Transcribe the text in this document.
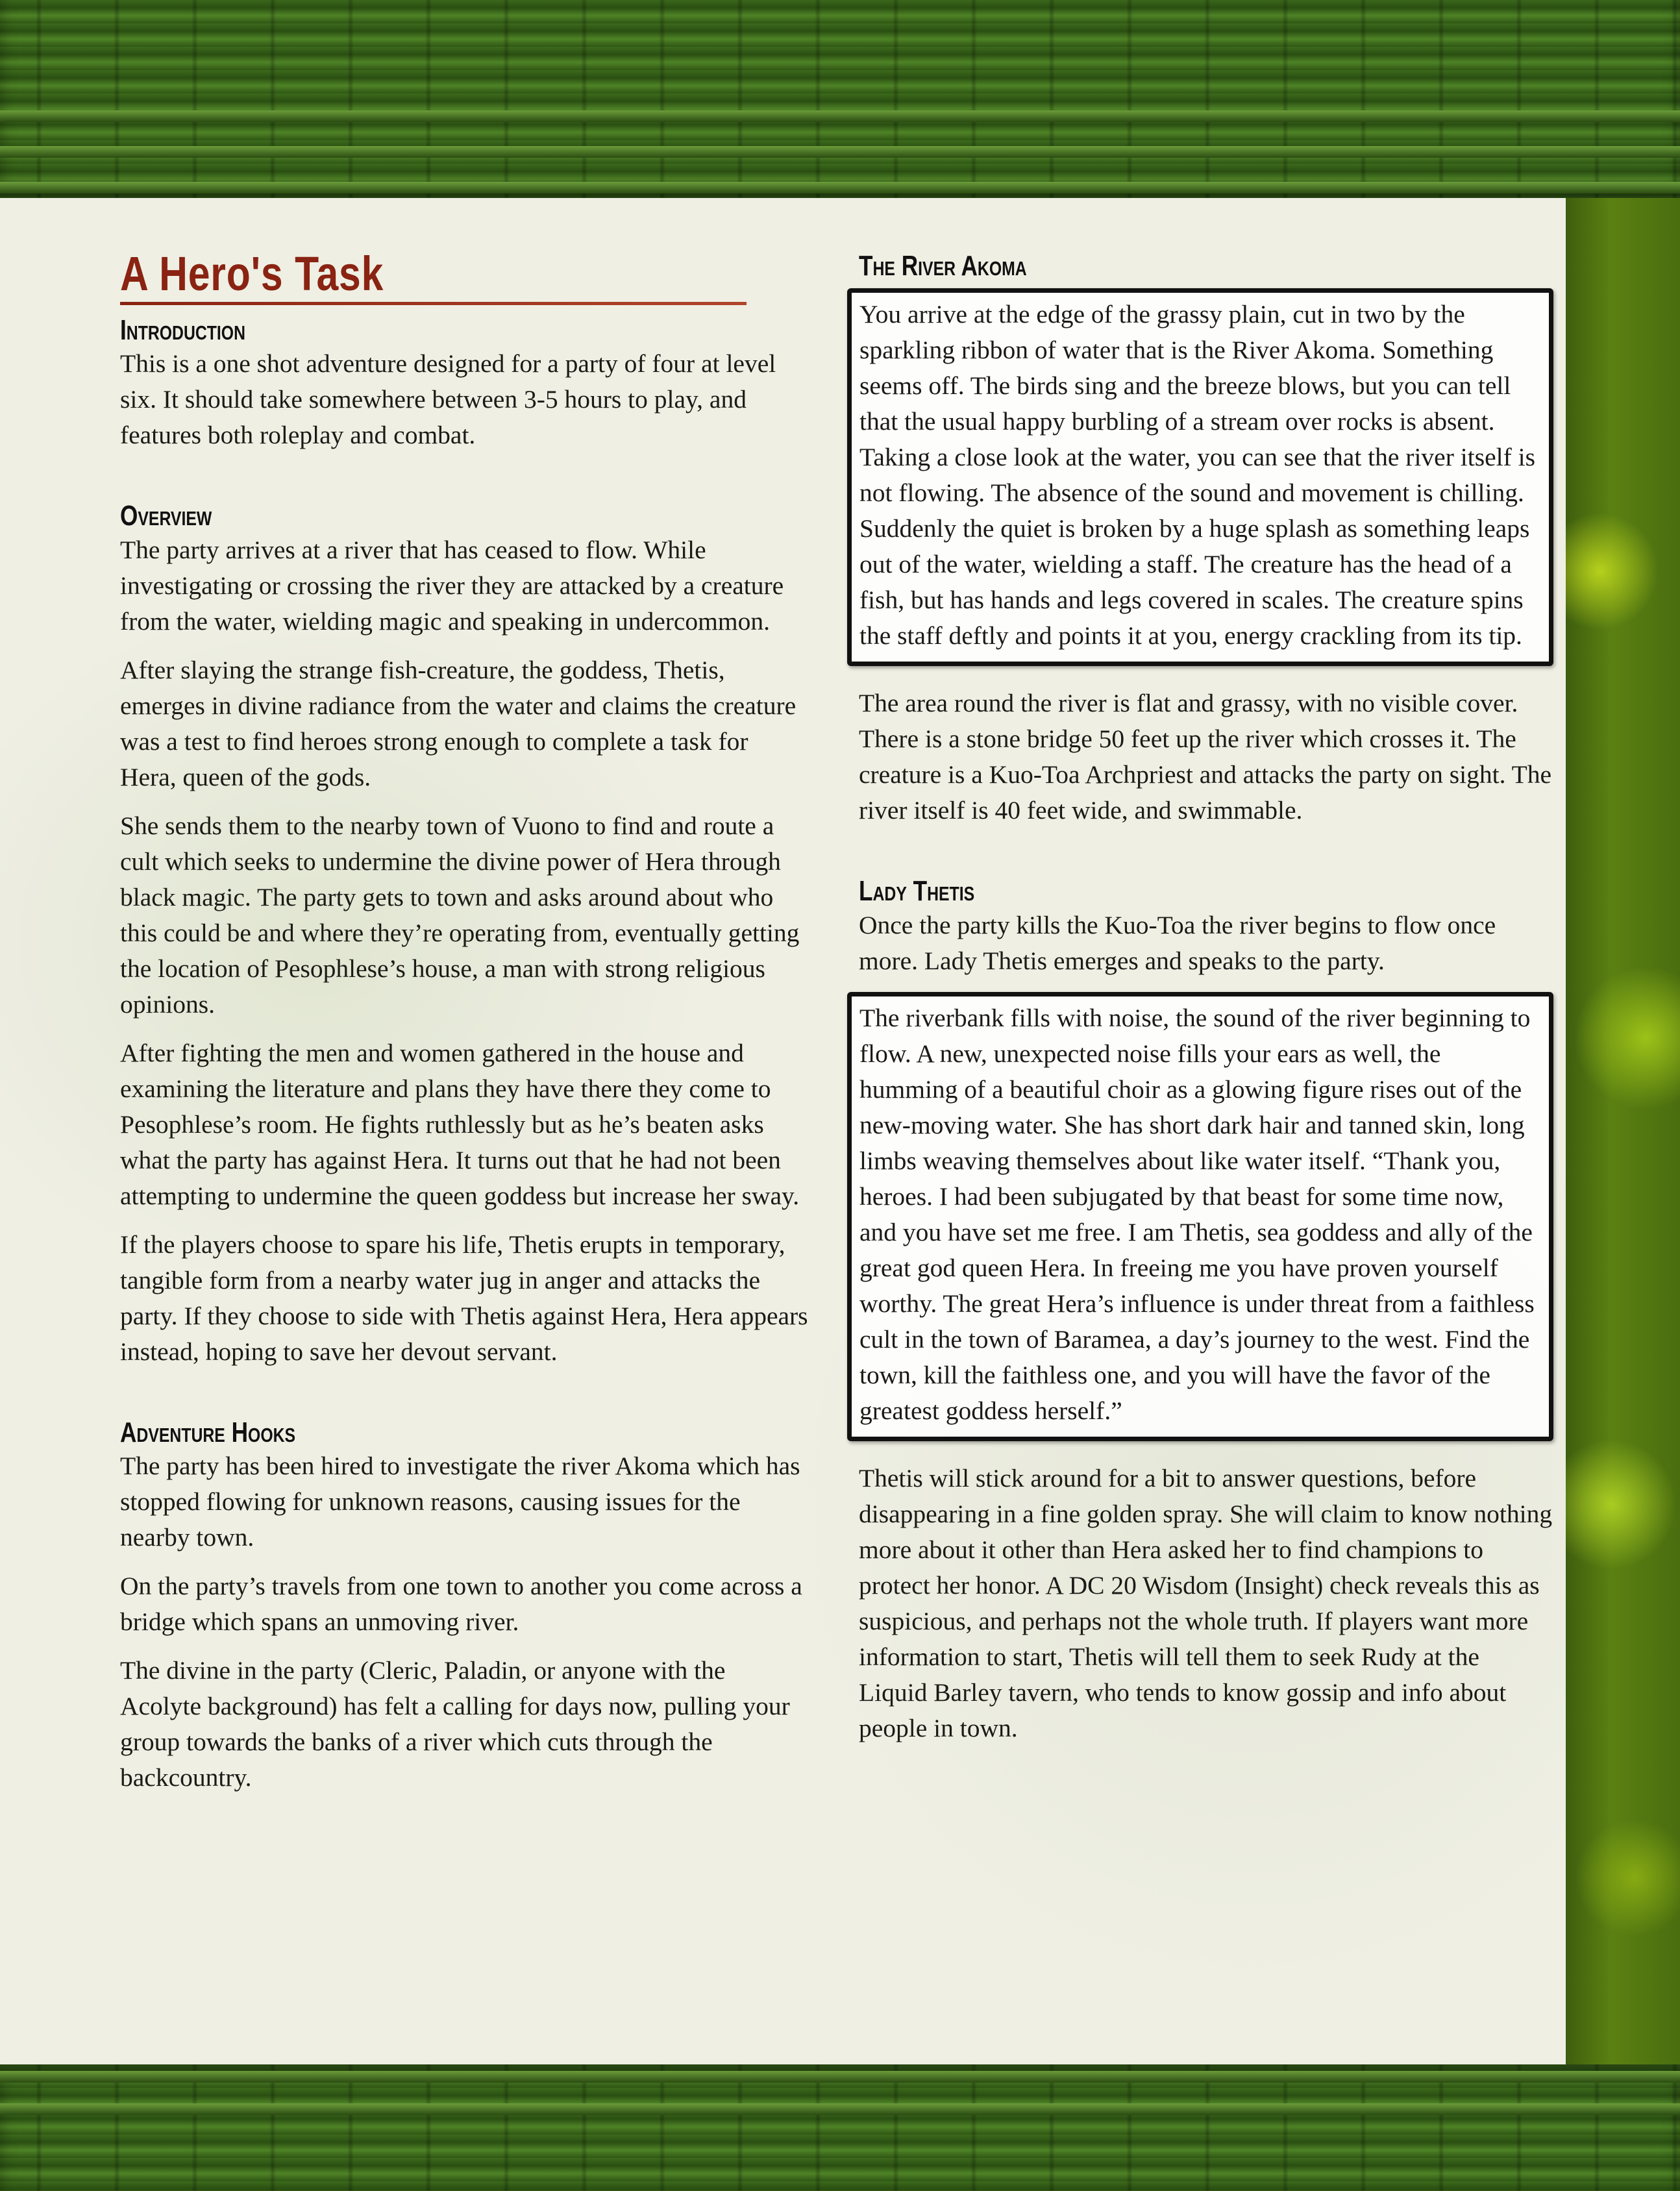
A Hero's Task
Introduction

This is a one shot adventure designed for a party of four at level six. It should take somewhere between 3-5 hours to play, and features both roleplay and combat.

Overview

The party arrives at a river that has ceased to flow. While investigating or crossing the river they are attacked by a creature from the water, wielding magic and speaking in undercommon.

After slaying the strange fish-creature, the goddess, Thetis, emerges in divine radiance from the water and claims the creature was a test to find heroes strong enough to complete a task for Hera, queen of the gods.

She sends them to the nearby town of Vuono to find and route a cult which seeks to undermine the divine power of Hera through black magic. The party gets to town and asks around about who this could be and where they’re operating from, eventually getting the location of Pesophlese’s house, a man with strong religious opinions.

After fighting the men and women gathered in the house and examining the literature and plans they have there they come to Pesophlese’s room. He fights ruthlessly but as he’s beaten asks what the party has against Hera. It turns out that he had not been attempting to undermine the queen goddess but increase her sway.

If the players choose to spare his life, Thetis erupts in temporary, tangible form from a nearby water jug in anger and attacks the party. If they choose to side with Thetis against Hera, Hera appears instead, hoping to save her devout servant.

Adventure Hooks

The party has been hired to investigate the river Akoma which has stopped flowing for unknown reasons, causing issues for the nearby town.

On the party’s travels from one town to another you come across a bridge which spans an unmoving river.

The divine in the party (Cleric, Paladin, or anyone with the Acolyte background) has felt a calling for days now, pulling your group towards the banks of a river which cuts through the backcountry.

The River Akoma

You arrive at the edge of the grassy plain, cut in two by the sparkling ribbon of water that is the River Akoma. Something seems off. The birds sing and the breeze blows, but you can tell that the usual happy burbling of a stream over rocks is absent. Taking a close look at the water, you can see that the river itself is not flowing. The absence of the sound and movement is chilling. Suddenly the quiet is broken by a huge splash as something leaps out of the water, wielding a staff. The creature has the head of a fish, but has hands and legs covered in scales. The creature spins the staff deftly and points it at you, energy crackling from its tip.

The area round the river is flat and grassy, with no visible cover. There is a stone bridge 50 feet up the river which crosses it. The creature is a Kuo-Toa Archpriest and attacks the party on sight. The river itself is 40 feet wide, and swimmable.

Lady Thetis

Once the party kills the Kuo-Toa the river begins to flow once more. Lady Thetis emerges and speaks to the party.

The riverbank fills with noise, the sound of the river beginning to flow. A new, unexpected noise fills your ears as well, the humming of a beautiful choir as a glowing figure rises out of the new-moving water. She has short dark hair and tanned skin, long limbs weaving themselves about like water itself. “Thank you, heroes. I had been subjugated by that beast for some time now, and you have set me free. I am Thetis, sea goddess and ally of the great god queen Hera. In freeing me you have proven yourself worthy. The great Hera’s influence is under threat from a faithless cult in the town of Baramea, a day’s journey to the west. Find the town, kill the faithless one, and you will have the favor of the greatest goddess herself.”

Thetis will stick around for a bit to answer questions, before disappearing in a fine golden spray. She will claim to know nothing more about it other than Hera asked her to find champions to protect her honor. A DC 20 Wisdom (Insight) check reveals this as suspicious, and perhaps not the whole truth. If players want more information to start, Thetis will tell them to seek Rudy at the Liquid Barley tavern, who tends to know gossip and info about people in town.
